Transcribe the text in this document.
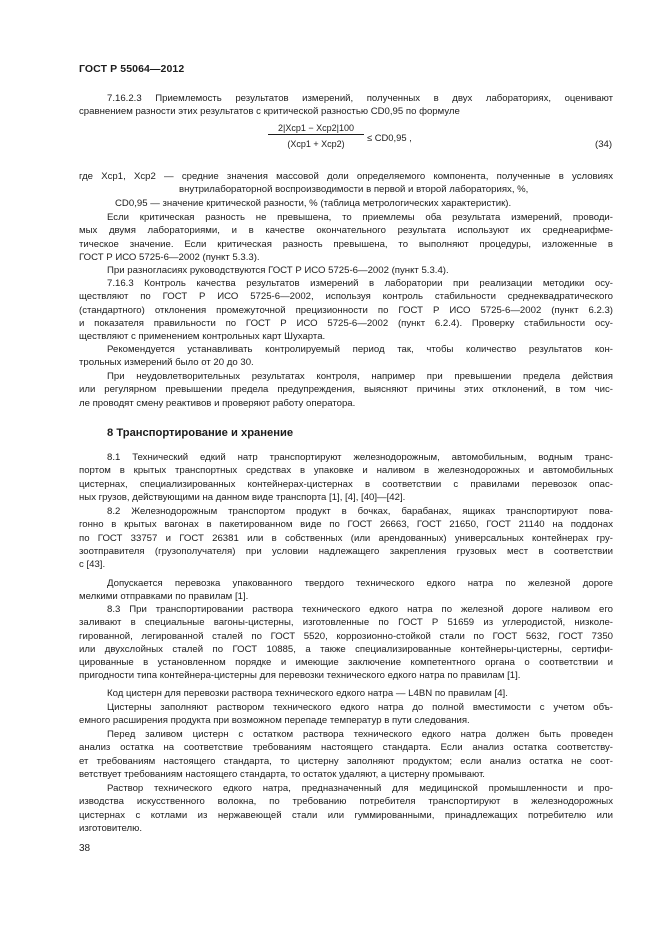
ГОСТ Р 55064—2012
7.16.2.3 Приемлемость результатов измерений, полученных в двух лабораториях, оценивают
сравнением разности этих результатов с критической разностью CD0,95 по формуле
2|Xср1 − Xср2|100
(Xср1 + Xср2)
≤ CD0,95 ,
(34)
где Xср1, Xср2 — средние значения массовой доли определяемого компонента, полученные в условиях
внутрилабораторной воспроизводимости в первой и второй лабораториях, %,
CD0,95 — значение критической разности, % (таблица метрологических характеристик).
Если критическая разность не превышена, то приемлемы оба результата измерений, проводи-
мых двумя лабораториями, и в качестве окончательного результата используют их среднеарифме-
тическое значение. Если критическая разность превышена, то выполняют процедуры, изложенные в
ГОСТ Р ИСО 5725-6—2002 (пункт 5.3.3).
При разногласиях руководствуются ГОСТ Р ИСО 5725-6—2002 (пункт 5.3.4).
7.16.3 Контроль качества результатов измерений в лаборатории при реализации методики осу-
ществляют по ГОСТ Р ИСО 5725-6—2002, используя контроль стабильности среднеквадратического
(стандартного) отклонения промежуточной прецизионности по ГОСТ Р ИСО 5725-6—2002 (пункт 6.2.3)
и показателя правильности по ГОСТ Р ИСО 5725-6—2002 (пункт 6.2.4). Проверку стабильности осу-
ществляют с применением контрольных карт Шухарта.
Рекомендуется устанавливать контролируемый период так, чтобы количество результатов кон-
трольных измерений было от 20 до 30.
При неудовлетворительных результатах контроля, например при превышении предела действия
или регулярном превышении предела предупреждения, выясняют причины этих отклонений, в том чис-
ле проводят смену реактивов и проверяют работу оператора.
8 Транспортирование и хранение
8.1 Технический едкий натр транспортируют железнодорожным, автомобильным, водным транс-
портом в крытых транспортных средствах в упаковке и наливом в железнодорожных и автомобильных
цистернах, специализированных контейнерах-цистернах в соответствии с правилами перевозок опас-
ных грузов, действующими на данном виде транспорта [1], [4], [40]—[42].
8.2 Железнодорожным транспортом продукт в бочках, барабанах, ящиках транспортируют пова-
гонно в крытых вагонах в пакетированном виде по ГОСТ 26663, ГОСТ 21650, ГОСТ 21140 на поддонах
по ГОСТ 33757 и ГОСТ 26381 или в собственных (или арендованных) универсальных контейнерах гру-
зоотправителя (грузополучателя) при условии надлежащего закрепления грузовых мест в соответствии
с [43].
Допускается перевозка упакованного твердого технического едкого натра по железной дороге
мелкими отправками по правилам [1].
8.3 При транспортировании раствора технического едкого натра по железной дороге наливом его
заливают в специальные вагоны-цистерны, изготовленные по ГОСТ Р 51659 из углеродистой, низколе-
гированной, легированной сталей по ГОСТ 5520, коррозионно-стойкой стали по ГОСТ 5632, ГОСТ 7350
или двухслойных сталей по ГОСТ 10885, а также специализированные контейнеры-цистерны, сертифи-
цированные в установленном порядке и имеющие заключение компетентного органа о соответствии и
пригодности типа контейнера-цистерны для перевозки технического едкого натра по правилам [1].
Код цистерн для перевозки раствора технического едкого натра — L4BN по правилам [4].
Цистерны заполняют раствором технического едкого натра до полной вместимости с учетом объ-
емного расширения продукта при возможном перепаде температур в пути следования.
Перед заливом цистерн с остатком раствора технического едкого натра должен быть проведен
анализ остатка на соответствие требованиям настоящего стандарта. Если анализ остатка соответству-
ет требованиям настоящего стандарта, то цистерну заполняют продуктом; если анализ остатка не соот-
ветствует требованиям настоящего стандарта, то остаток удаляют, а цистерну промывают.
Раствор технического едкого натра, предназначенный для медицинской промышленности и про-
изводства искусственного волокна, по требованию потребителя транспортируют в железнодорожных
цистернах с котлами из нержавеющей стали или гуммированными, принадлежащих потребителю или
изготовителю.
38
